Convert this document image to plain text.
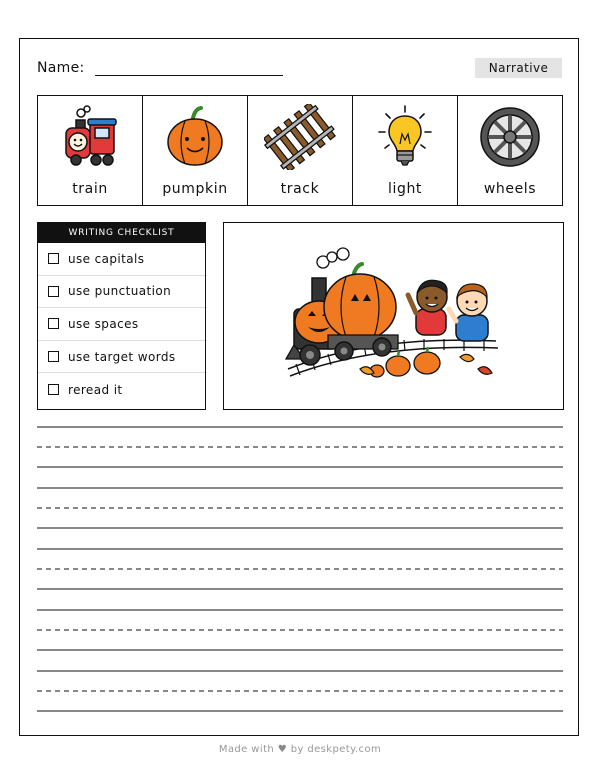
Name:	Narrative
train	pumpkin	track	light	wheels
WRITING CHECKLIST
use capitals
use punctuation
use spaces
use target words
reread it
Made with ♥ by deskpety.com
